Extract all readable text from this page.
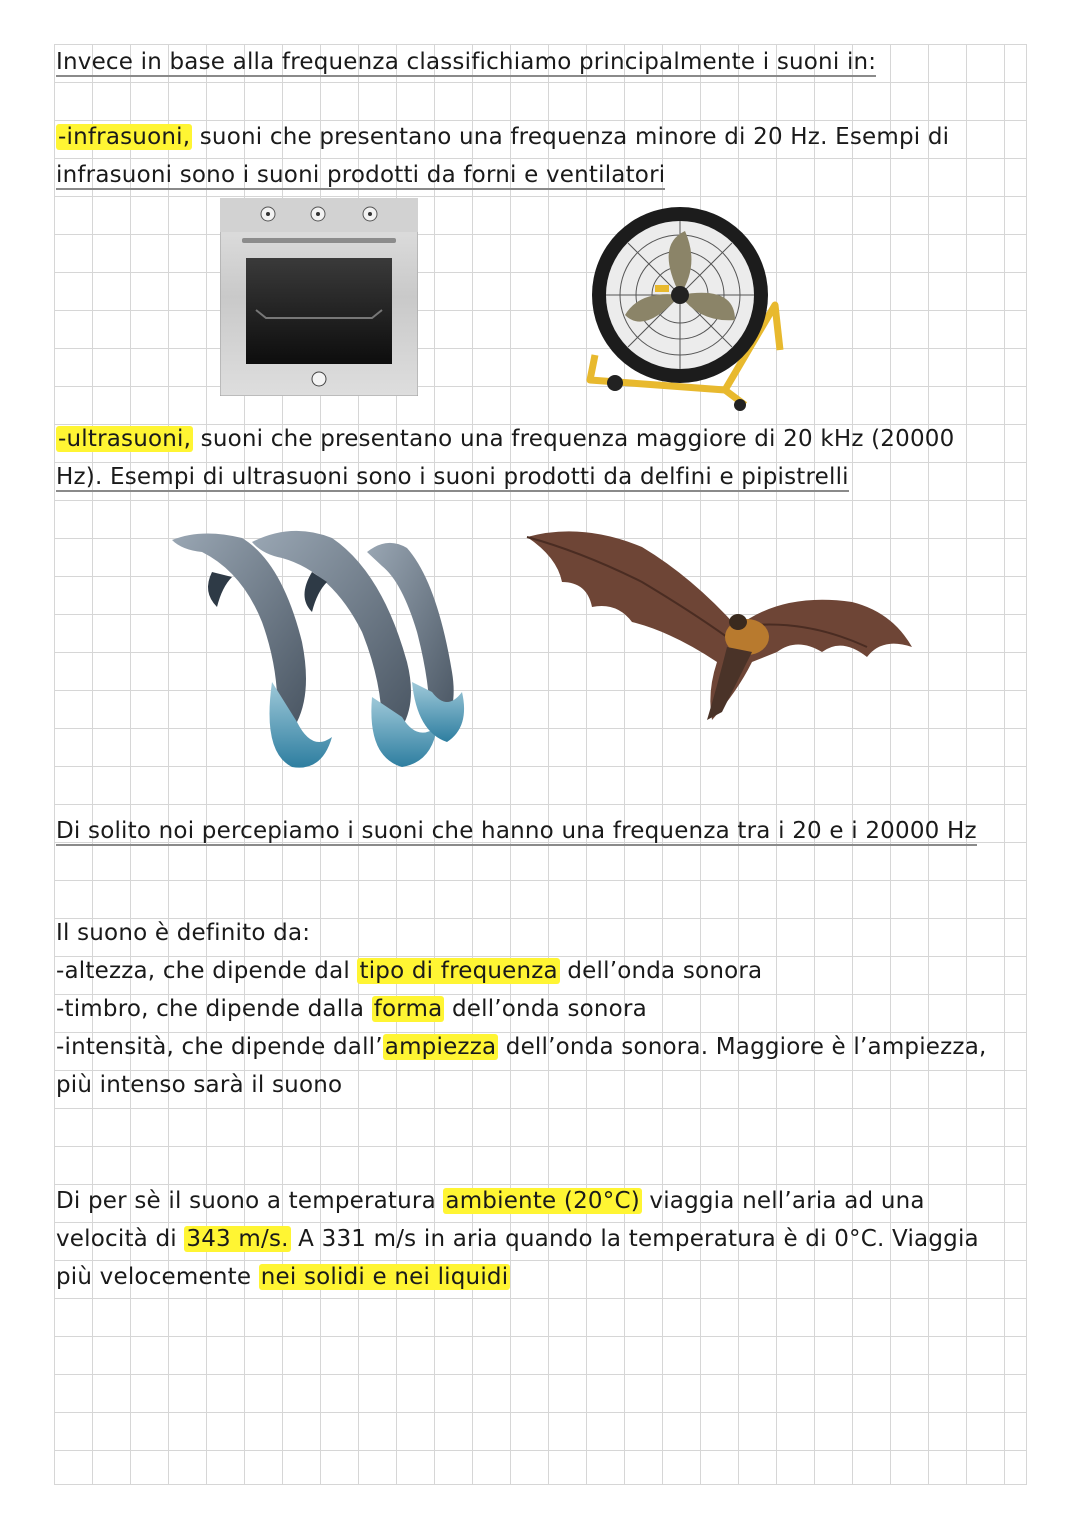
Invece in base alla frequenza classifichiamo principalmente i suoni in:
-infrasuoni, suoni che presentano una frequenza minore di 20 Hz. Esempi di
infrasuoni sono i suoni prodotti da forni e ventilatori
-ultrasuoni, suoni che presentano una frequenza maggiore di 20 kHz (20000
Hz). Esempi di ultrasuoni sono i suoni prodotti da delfini e pipistrelli
Di solito noi percepiamo i suoni che hanno una frequenza tra i 20 e i 20000 Hz
Il suono è definito da:
-altezza, che dipende dal tipo di frequenza dell’onda sonora
-timbro, che dipende dalla forma dell’onda sonora
-intensità, che dipende dall’ampiezza dell’onda sonora. Maggiore è l’ampiezza,
più intenso sarà il suono
Di per sè il suono a temperatura ambiente (20°C) viaggia nell’aria ad una
velocità di 343 m/s. A 331 m/s in aria quando la temperatura è di 0°C. Viaggia
più velocemente nei solidi e nei liquidi
